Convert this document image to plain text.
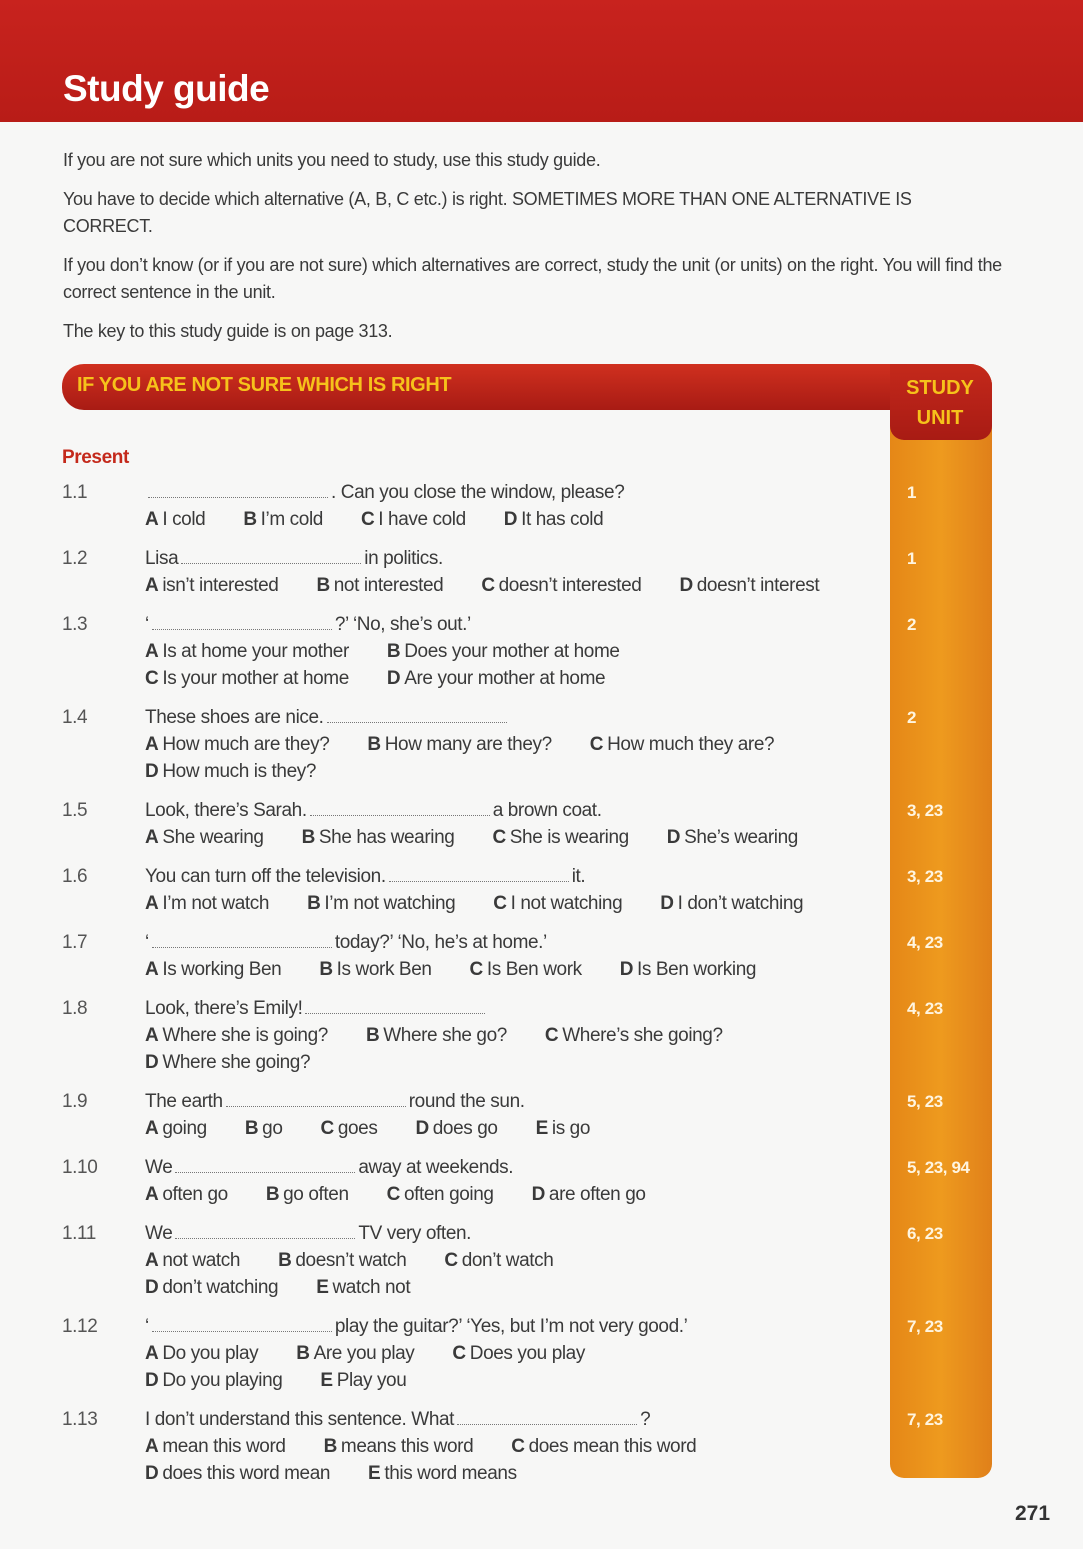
Study guide
If you are not sure which units you need to study, use this study guide.
You have to decide which alternative (A, B, C etc.) is right. SOMETIMES MORE THAN ONE ALTERNATIVE IS CORRECT.
If you don’t know (or if you are not sure) which alternatives are correct, study the unit (or units) on the right. You will find the correct sentence in the unit.
The key to this study guide is on page 313.
IF YOU ARE NOT SURE WHICH IS RIGHT	STUDY
UNIT
Present
1.1	. Can you close the window, please?
A I cold B I’m cold C I have cold D It has cold
1
1.2	Lisa	in politics.
A isn’t interested B not interested C doesn’t interested D doesn’t interest
1
1.3	‘	?’ ‘No, she’s out.’
A Is at home your mother B Does your mother at home
C Is your mother at home D Are your mother at home
2
1.4	These shoes are nice.
A How much are they? B How many are they? C How much they are?
D How much is they?
2
1.5	Look, there’s Sarah.	a brown coat.
A She wearing B She has wearing C She is wearing D She’s wearing
3, 23
1.6	You can turn off the television.	it.
A I’m not watch B I’m not watching C I not watching D I don’t watching
3, 23
1.7	‘	today?’ ‘No, he’s at home.’
A Is working Ben B Is work Ben C Is Ben work D Is Ben working
4, 23
1.8	Look, there’s Emily!
A Where she is going? B Where she go? C Where’s she going?
D Where she going?
4, 23
1.9	The earth	round the sun.
A going B go C goes D does go E is go
5, 23
1.10	We	away at weekends.
A often go B go often C often going D are often go
5, 23, 94
1.11	We	TV very often.
A not watch B doesn’t watch C don’t watch
D don’t watching E watch not
6, 23
1.12	‘	play the guitar?’ ‘Yes, but I’m not very good.’
A Do you play B Are you play C Does you play
D Do you playing E Play you
7, 23
1.13	I don’t understand this sentence. What	?
A mean this word B means this word C does mean this word
D does this word mean E this word means
7, 23
271
